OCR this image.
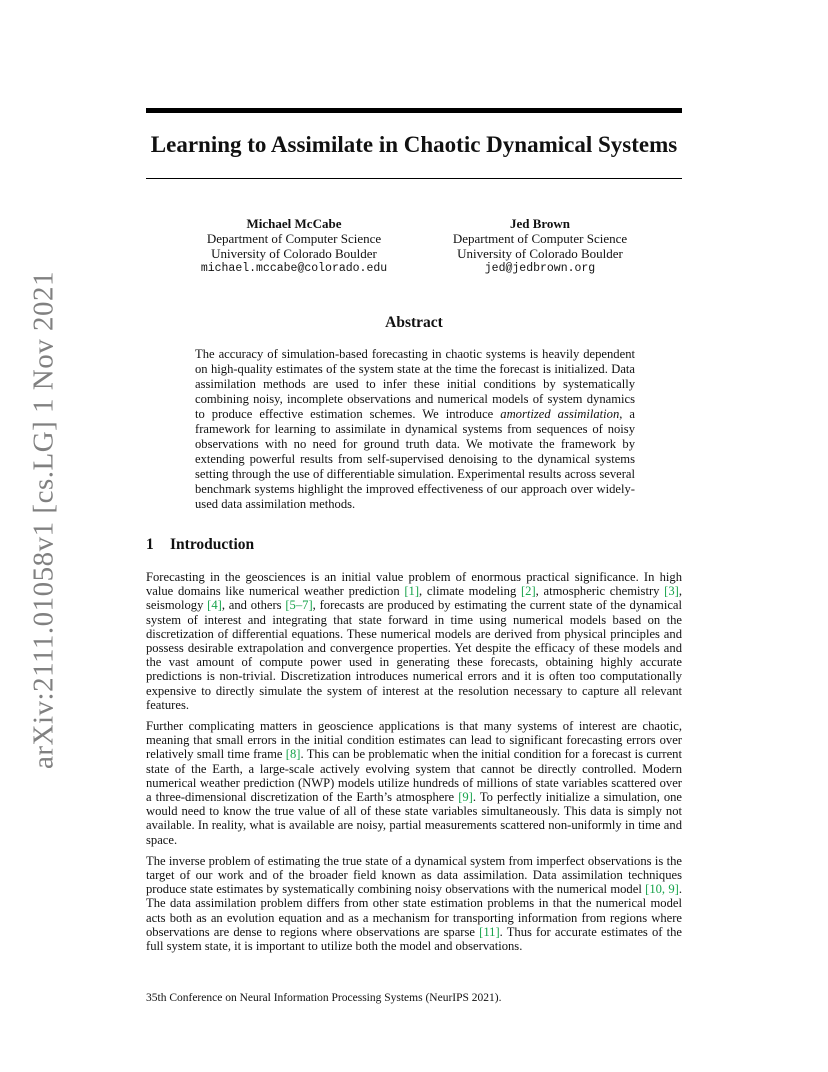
arXiv:2111.01058v1 [cs.LG] 1 Nov 2021
Learning to Assimilate in Chaotic Dynamical Systems
Michael McCabe
Department of Computer Science
University of Colorado Boulder
michael.mccabe@colorado.edu
Jed Brown
Department of Computer Science
University of Colorado Boulder
jed@jedbrown.org
Abstract

The accuracy of simulation-based forecasting in chaotic systems is heavily dependent on high-quality estimates of the system state at the time the forecast is initialized. Data assimilation methods are used to infer these initial conditions by systematically combining noisy, incomplete observations and numerical models of system dynamics to produce effective estimation schemes. We introduce amortized assimilation, a framework for learning to assimilate in dynamical systems from sequences of noisy observations with no need for ground truth data. We motivate the framework by extending powerful results from self-supervised denoising to the dynamical systems setting through the use of differentiable simulation. Experimental results across several benchmark systems highlight the improved effectiveness of our approach over widely-used data assimilation methods.

1 Introduction

Forecasting in the geosciences is an initial value problem of enormous practical significance. In high value domains like numerical weather prediction [1], climate modeling [2], atmospheric chemistry [3], seismology [4], and others [5–7], forecasts are produced by estimating the current state of the dynamical system of interest and integrating that state forward in time using numerical models based on the discretization of differential equations. These numerical models are derived from physical principles and possess desirable extrapolation and convergence properties. Yet despite the efficacy of these models and the vast amount of compute power used in generating these forecasts, obtaining highly accurate predictions is non-trivial. Discretization introduces numerical errors and it is often too computationally expensive to directly simulate the system of interest at the resolution necessary to capture all relevant features.

Further complicating matters in geoscience applications is that many systems of interest are chaotic, meaning that small errors in the initial condition estimates can lead to significant forecasting errors over relatively small time frame [8]. This can be problematic when the initial condition for a forecast is current state of the Earth, a large-scale actively evolving system that cannot be directly controlled. Modern numerical weather prediction (NWP) models utilize hundreds of millions of state variables scattered over a three-dimensional discretization of the Earth’s atmosphere [9]. To perfectly initialize a simulation, one would need to know the true value of all of these state variables simultaneously. This data is simply not available. In reality, what is available are noisy, partial measurements scattered non-uniformly in time and space.

The inverse problem of estimating the true state of a dynamical system from imperfect observations is the target of our work and of the broader field known as data assimilation. Data assimilation techniques produce state estimates by systematically combining noisy observations with the numerical model [10, 9]. The data assimilation problem differs from other state estimation problems in that the numerical model acts both as an evolution equation and as a mechanism for transporting information from regions where observations are dense to regions where observations are sparse [11]. Thus for accurate estimates of the full system state, it is important to utilize both the model and observations.

35th Conference on Neural Information Processing Systems (NeurIPS 2021).
